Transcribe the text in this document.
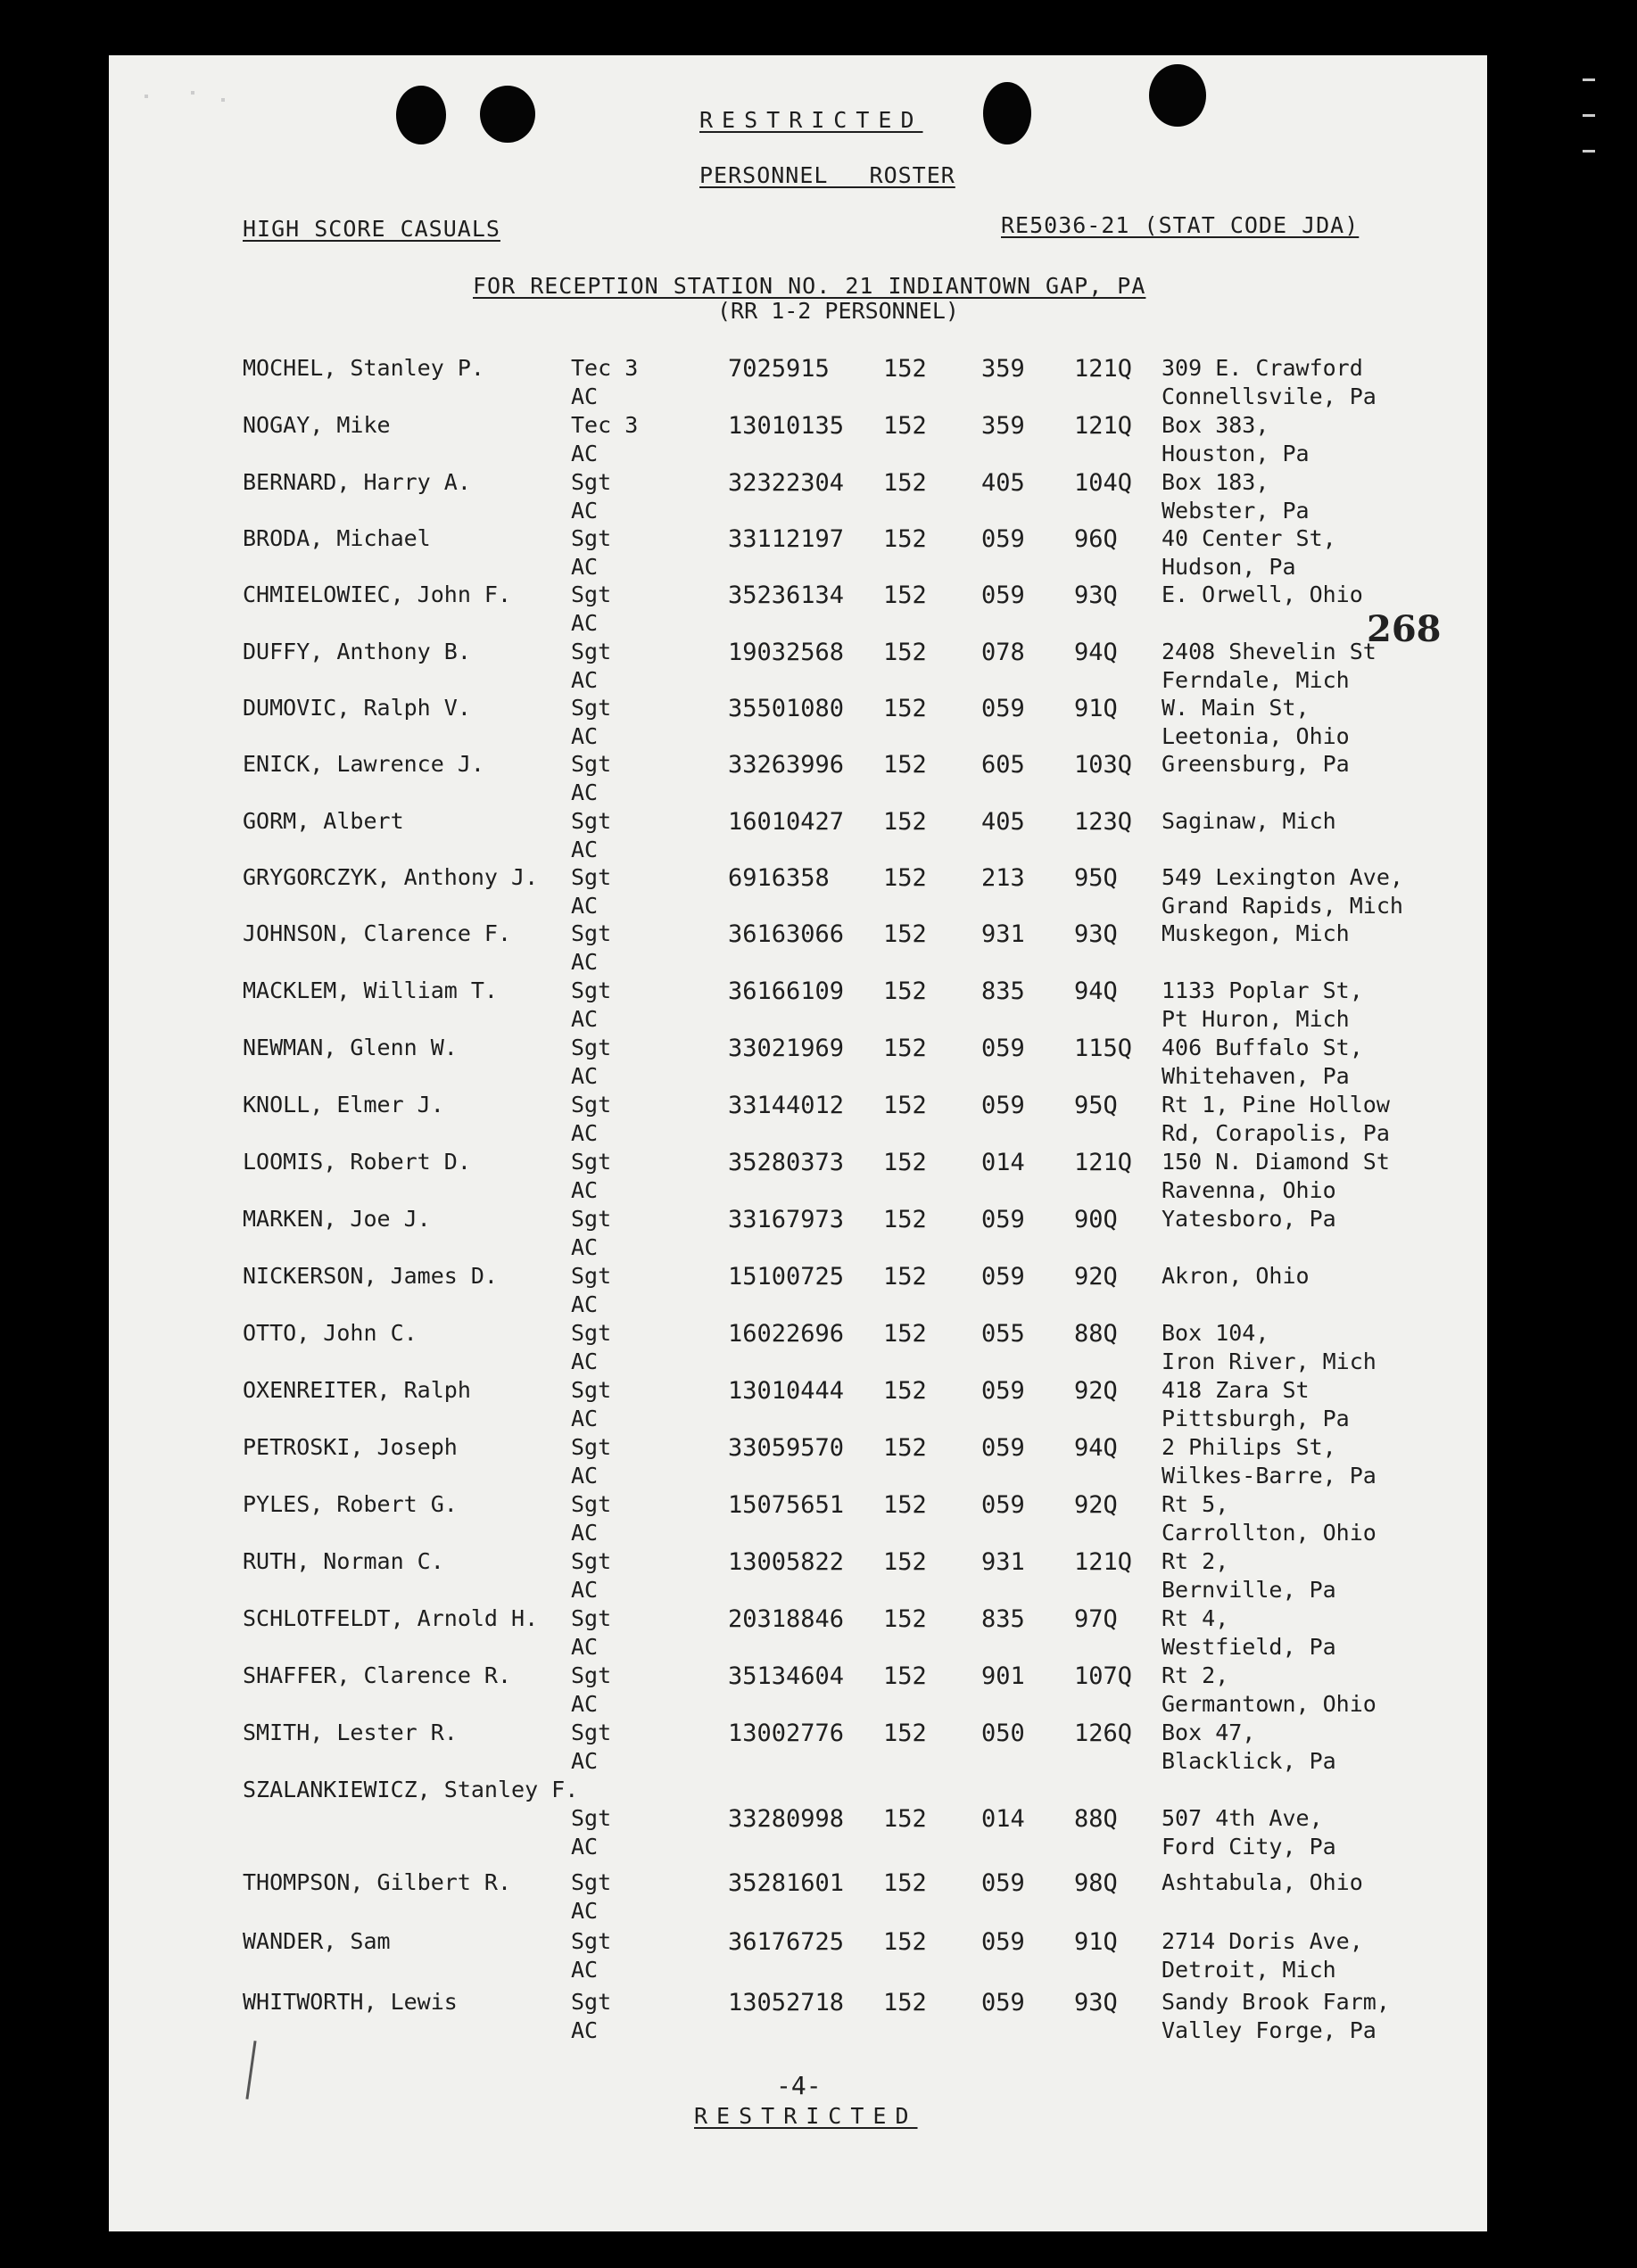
RESTRICTED
PERSONNEL ROSTER
HIGH SCORE CASUALS	RE5036-21 (STAT CODE JDA)
FOR RECEPTION STATION NO. 21 INDIANTOWN GAP, PA
(RR 1-2 PERSONNEL)
268
MOCHEL, Stanley P.	Tec 3
AC
7025915 152 359 121Q 309 E. Crawford
Connellsvile, Pa
NOGAY, Mike	Tec 3
AC
13010135 152 359 121Q Box 383,
Houston, Pa
BERNARD, Harry A.	Sgt
AC
32322304 152 405 104Q Box 183,
Webster, Pa
BRODA, Michael	Sgt
AC
33112197 152 059 96Q 40 Center St,
Hudson, Pa
CHMIELOWIEC, John F.	Sgt
AC
35236134 152 059 93Q E. Orwell, Ohio
DUFFY, Anthony B.	Sgt
AC
19032568 152 078 94Q 2408 Shevelin St
Ferndale, Mich
DUMOVIC, Ralph V.	Sgt
AC
35501080 152 059 91Q W. Main St,
Leetonia, Ohio
ENICK, Lawrence J.	Sgt
AC
33263996 152 605 103Q Greensburg, Pa
GORM, Albert	Sgt
AC
16010427 152 405 123Q Saginaw, Mich
GRYGORCZYK, Anthony J. Sgt
AC
6916358 152 213 95Q 549 Lexington Ave,
Grand Rapids, Mich
JOHNSON, Clarence F.	Sgt
AC
36163066 152 931 93Q Muskegon, Mich
MACKLEM, William T.	Sgt
AC
36166109 152 835 94Q 1133 Poplar St,
Pt Huron, Mich
NEWMAN, Glenn W.	Sgt
AC
33021969 152 059 115Q 406 Buffalo St,
Whitehaven, Pa
KNOLL, Elmer J.	Sgt
AC
33144012 152 059 95Q Rt 1, Pine Hollow
Rd, Corapolis, Pa
LOOMIS, Robert D.	Sgt
AC
35280373 152 014 121Q 150 N. Diamond St
Ravenna, Ohio
MARKEN, Joe J.	Sgt
AC
33167973 152 059 90Q Yatesboro, Pa
NICKERSON, James D.	Sgt
AC
15100725 152 059 92Q Akron, Ohio
OTTO, John C.	Sgt
AC
16022696 152 055 88Q Box 104,
Iron River, Mich
OXENREITER, Ralph	Sgt
AC
13010444 152 059 92Q 418 Zara St
Pittsburgh, Pa
PETROSKI, Joseph	Sgt
AC
33059570 152 059 94Q 2 Philips St,
Wilkes-Barre, Pa
PYLES, Robert G.	Sgt
AC
15075651 152 059 92Q Rt 5,
Carrollton, Ohio
RUTH, Norman C.	Sgt
AC
13005822 152 931 121Q Rt 2,
Bernville, Pa
SCHLOTFELDT, Arnold H. Sgt
AC
20318846 152 835 97Q Rt 4,
Westfield, Pa
SHAFFER, Clarence R.	Sgt
AC
35134604 152 901 107Q Rt 2,
Germantown, Ohio
SMITH, Lester R.	Sgt
AC
13002776 152 050 126Q Box 47,
Blacklick, Pa
SZALANKIEWICZ, Stanley F.
Sgt
AC
33280998 152 014 88Q 507 4th Ave,
Ford City, Pa
THOMPSON, Gilbert R.	Sgt
AC
35281601 152 059 98Q Ashtabula, Ohio
WANDER, Sam	Sgt
AC
36176725 152 059 91Q 2714 Doris Ave,
Detroit, Mich
WHITWORTH, Lewis	Sgt
AC
13052718 152 059 93Q Sandy Brook Farm,
Valley Forge, Pa
-4-
RESTRICTED
